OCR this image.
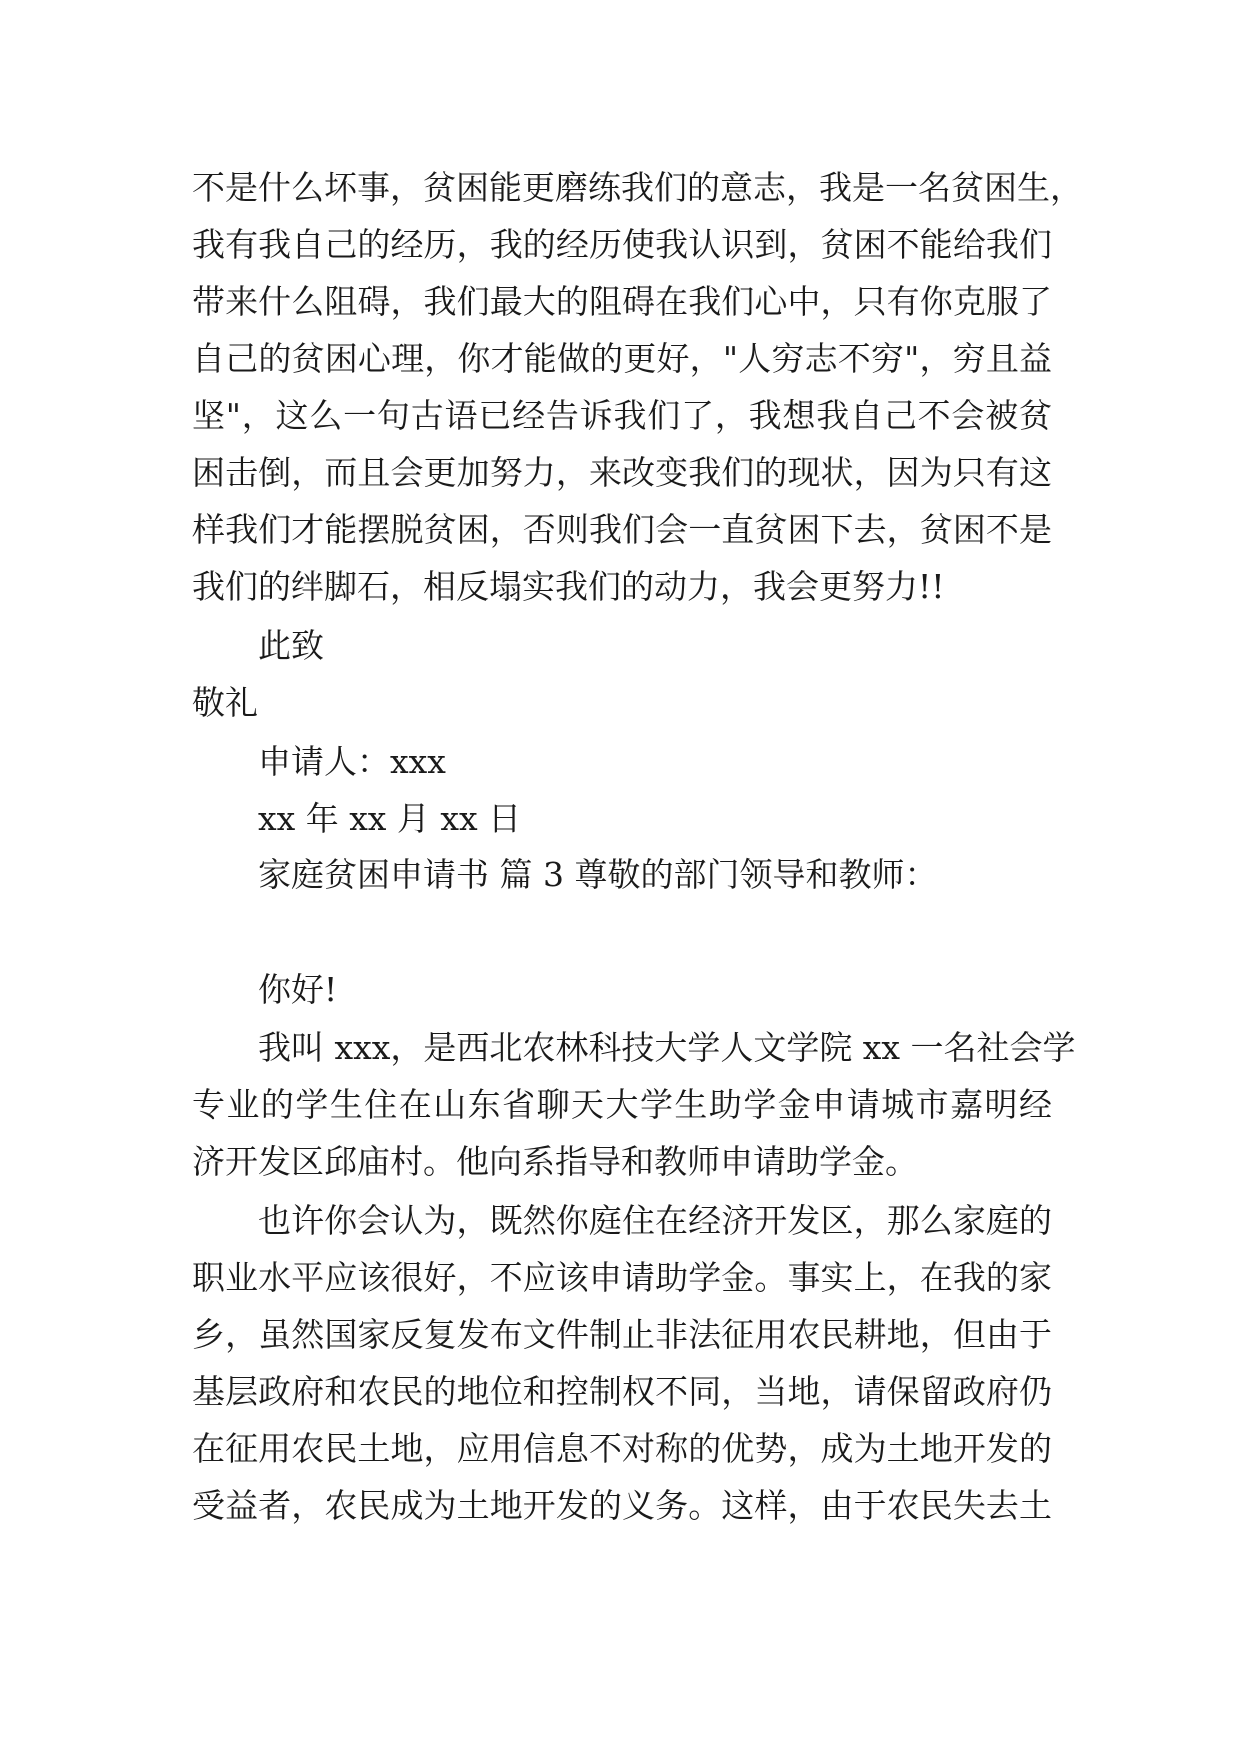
不是什么坏事，贫困能更磨练我们的意志，我是一名贫困生，
我有我自己的经历，我的经历使我认识到，贫困不能给我们
带来什么阻碍，我们最大的阻碍在我们心中，只有你克服了
自己的贫困心理，你才能做的更好，"人穷志不穷"，穷且益
坚"，这么一句古语已经告诉我们了，我想我自己不会被贫
困击倒，而且会更加努力，来改变我们的现状，因为只有这
样我们才能摆脱贫困，否则我们会一直贫困下去，贫困不是
我们的绊脚石，相反塌实我们的动力，我会更努力!!
此致
敬礼
申请人：xxx
xx 年 xx 月 xx 日
家庭贫困申请书 篇 3 尊敬的部门领导和教师：
你好!
我叫 xxx，是西北农林科技大学人文学院 xx 一名社会学
专业的学生住在山东省聊天大学生助学金申请城市嘉明经
济开发区邱庙村。他向系指导和教师申请助学金。
也许你会认为，既然你庭住在经济开发区，那么家庭的
职业水平应该很好，不应该申请助学金。事实上，在我的家
乡，虽然国家反复发布文件制止非法征用农民耕地，但由于
基层政府和农民的地位和控制权不同，当地，请保留政府仍
在征用农民土地，应用信息不对称的优势，成为土地开发的
受益者，农民成为土地开发的义务。这样，由于农民失去土
